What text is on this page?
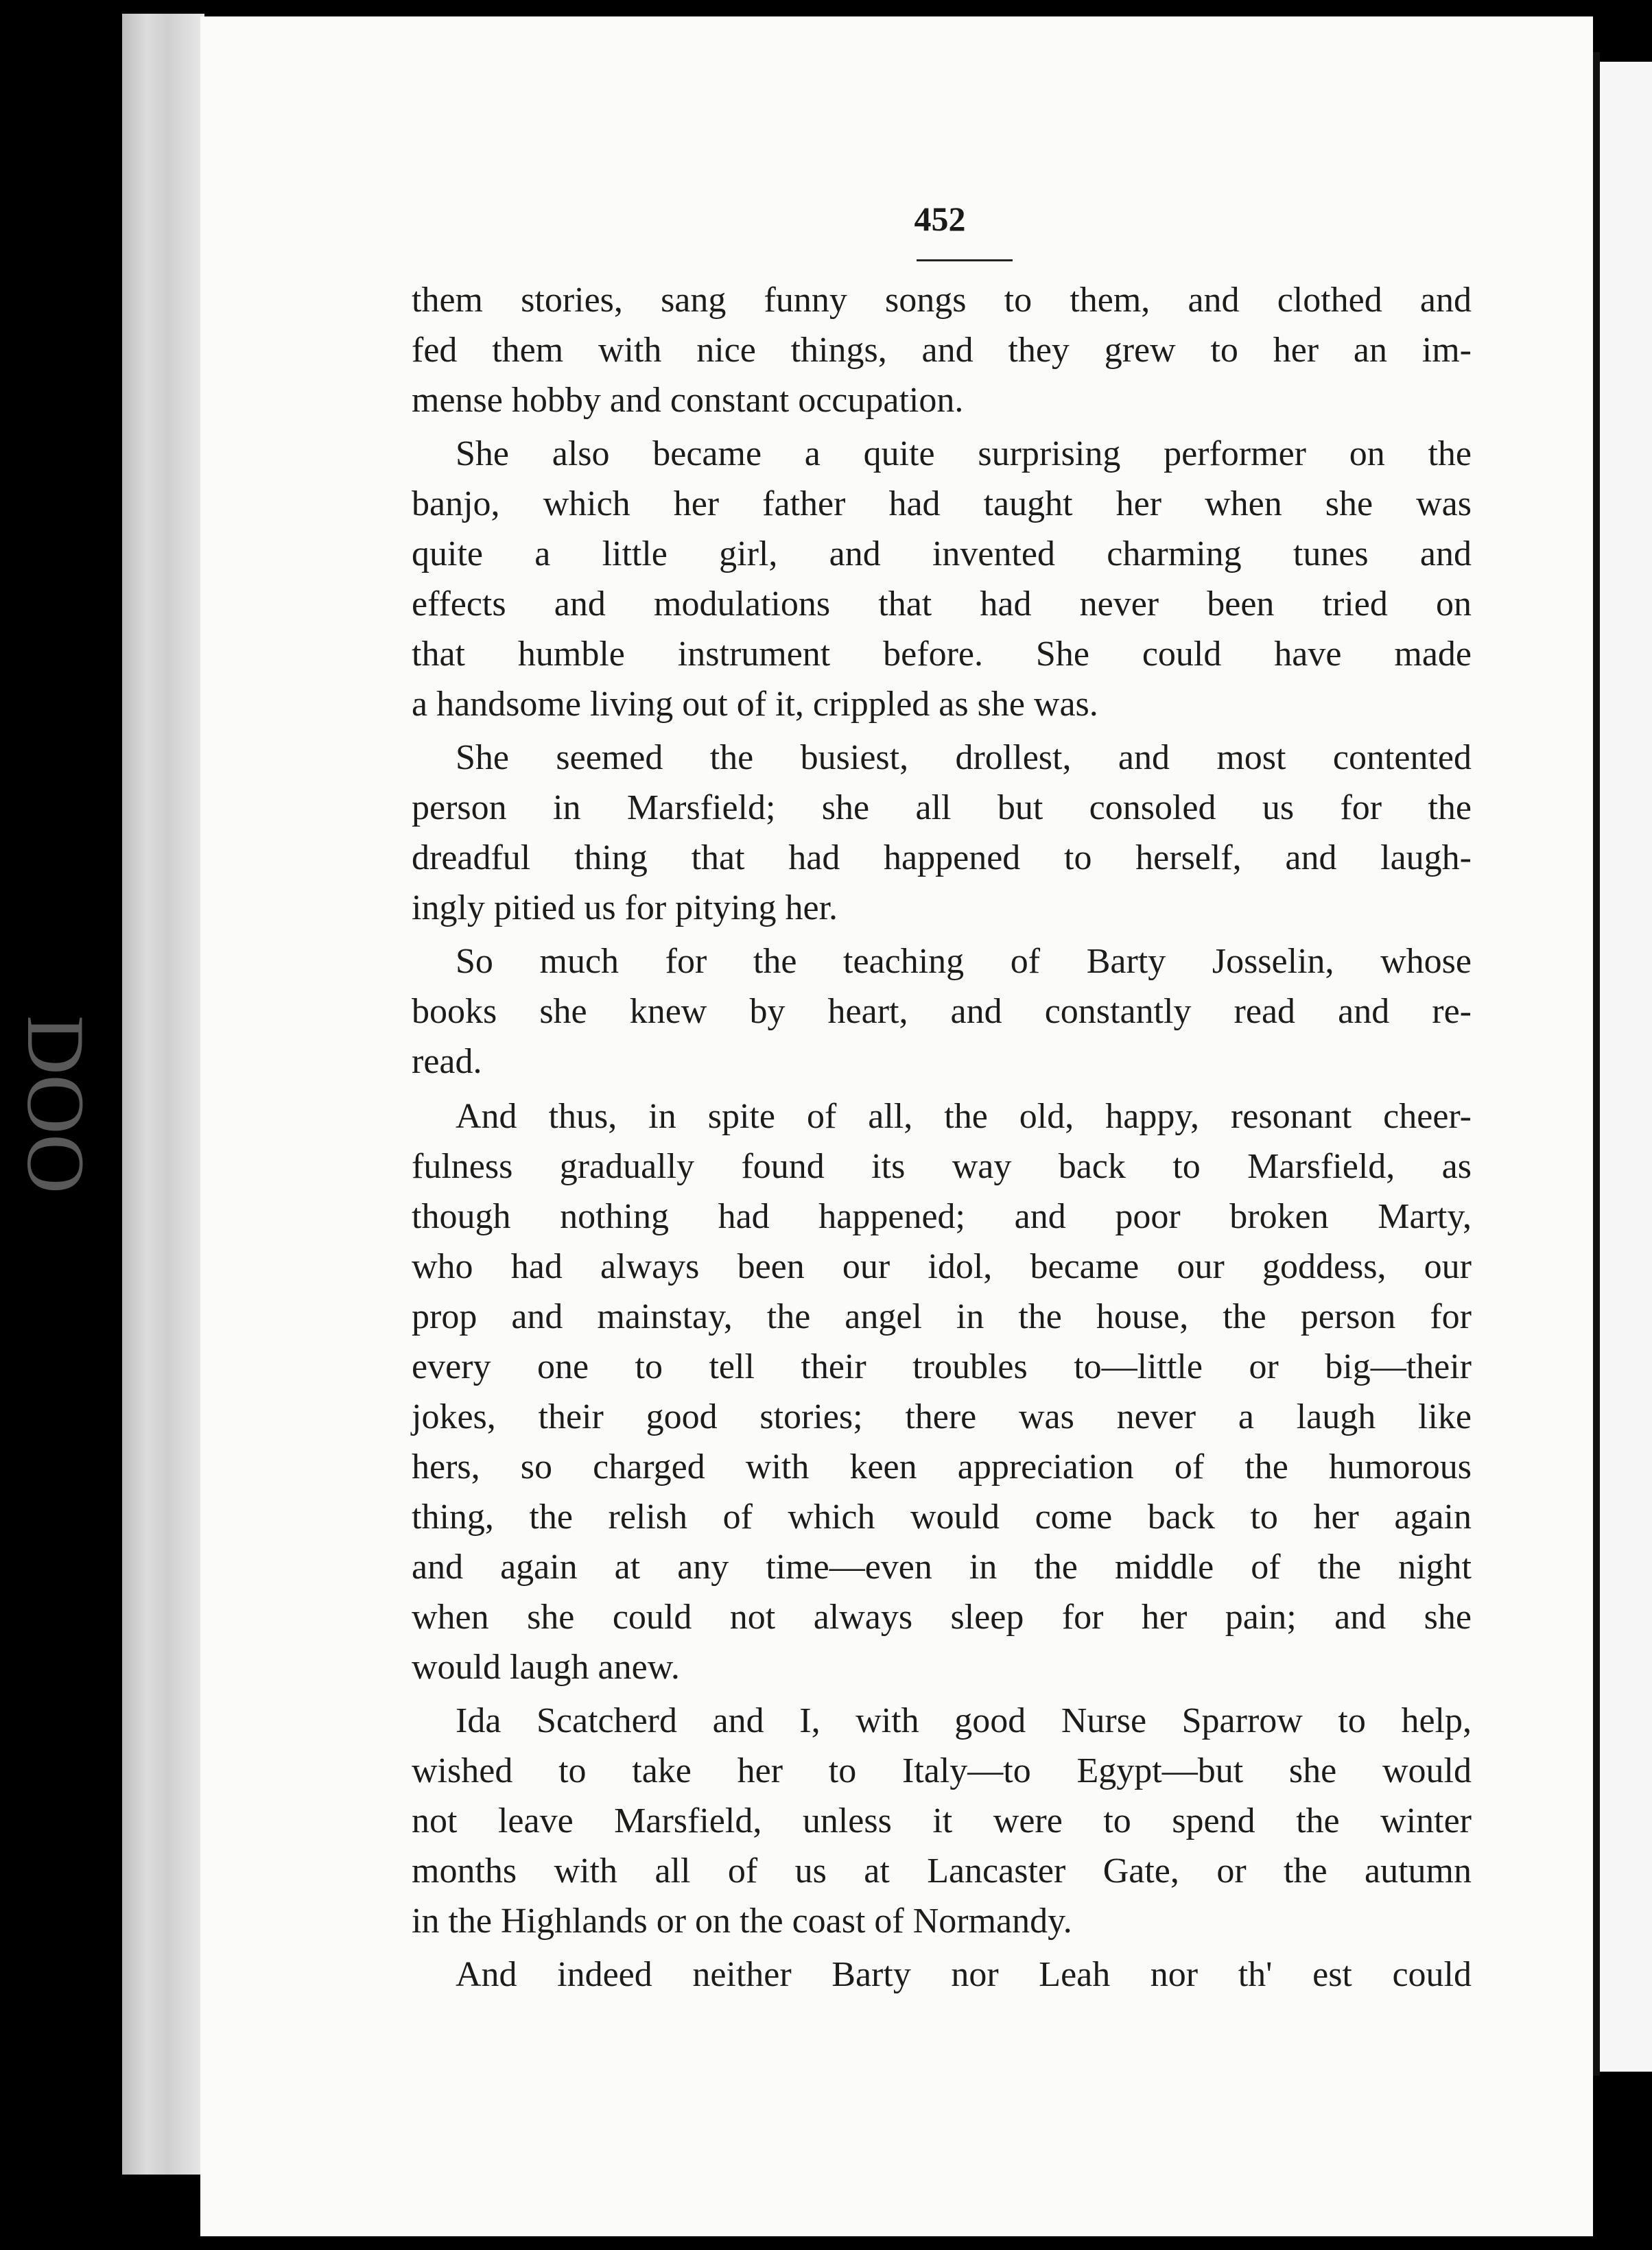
DOO
452
them stories, sang funny songs to them, and clothed and
fed them with nice things, and they grew to her an im-
mense hobby and constant occupation.
She also became a quite surprising performer on the
banjo, which her father had taught her when she was
quite a little girl, and invented charming tunes and
effects and modulations that had never been tried on
that humble instrument before. She could have made
a handsome living out of it, crippled as she was.
She seemed the busiest, drollest, and most contented
person in Marsfield; she all but consoled us for the
dreadful thing that had happened to herself, and laugh-
ingly pitied us for pitying her.
So much for the teaching of Barty Josselin, whose
books she knew by heart, and constantly read and re-
read.
And thus, in spite of all, the old, happy, resonant cheer-
fulness gradually found its way back to Marsfield, as
though nothing had happened; and poor broken Marty,
who had always been our idol, became our goddess, our
prop and mainstay, the angel in the house, the person for
every one to tell their troubles to—little or big—their
jokes, their good stories; there was never a laugh like
hers, so charged with keen appreciation of the humorous
thing, the relish of which would come back to her again
and again at any time—even in the middle of the night
when she could not always sleep for her pain; and she
would laugh anew.
Ida Scatcherd and I, with good Nurse Sparrow to help,
wished to take her to Italy—to Egypt—but she would
not leave Marsfield, unless it were to spend the winter
months with all of us at Lancaster Gate, or the autumn
in the Highlands or on the coast of Normandy.
And indeed neither Barty nor Leah nor th' est could
